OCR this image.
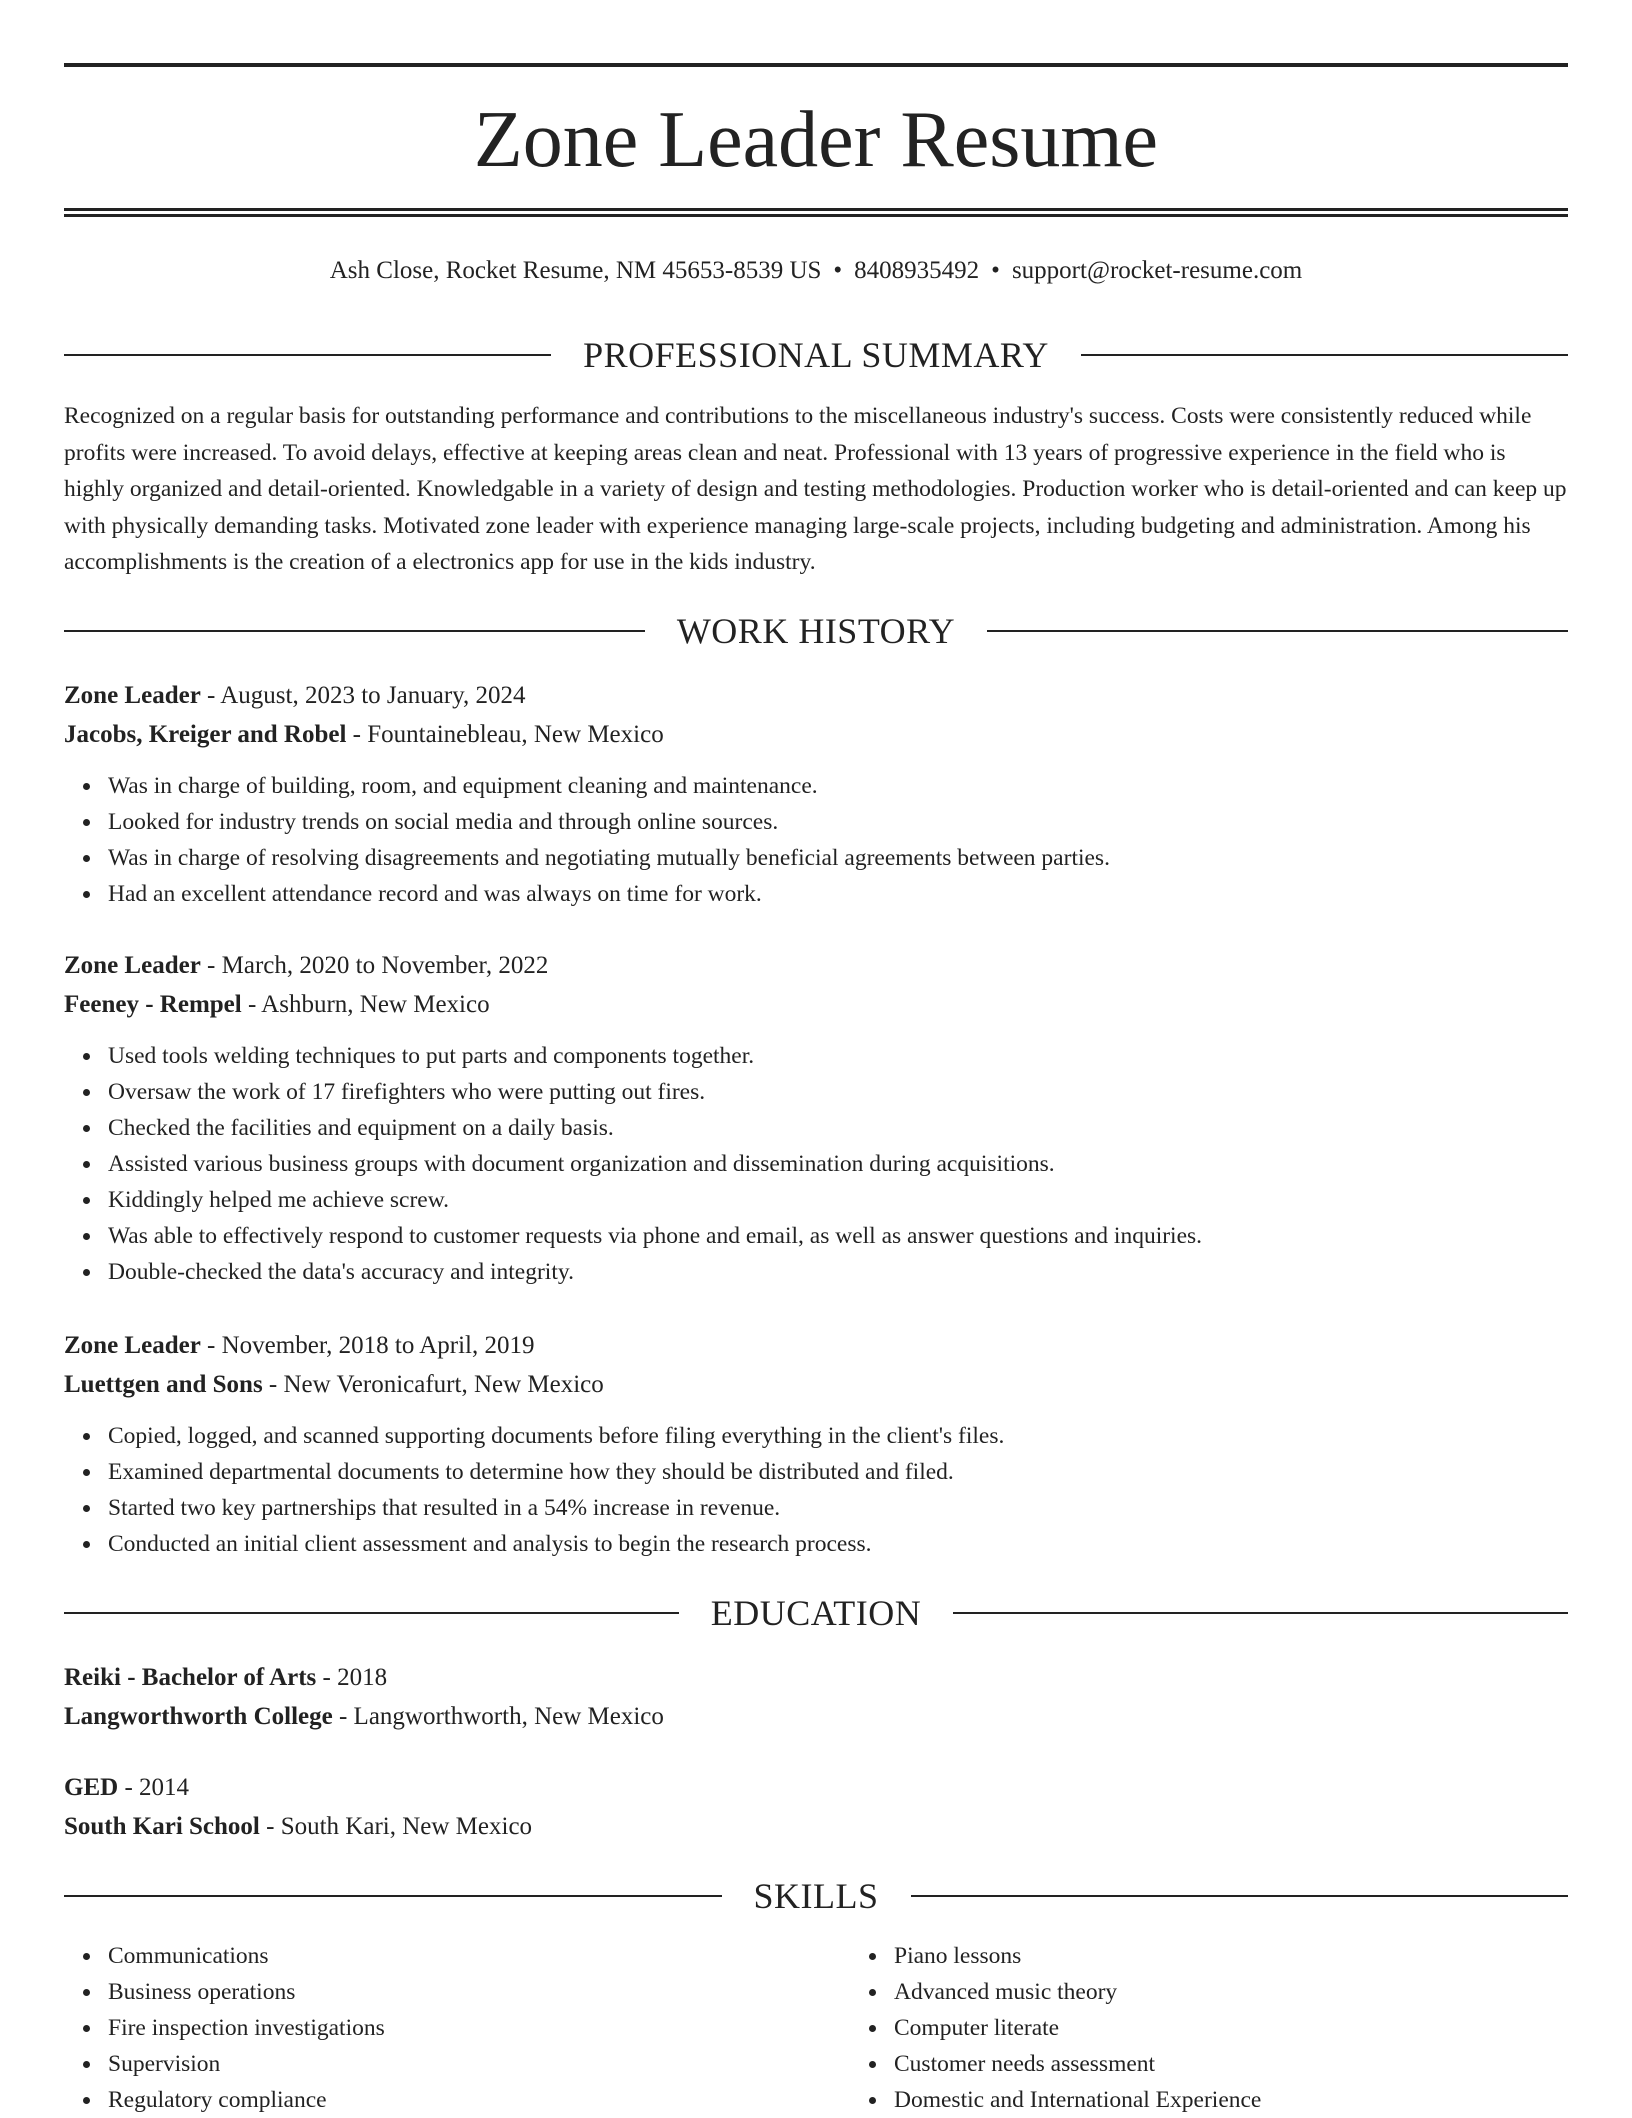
Zone Leader Resume
Ash Close, Rocket Resume, NM 45653-8539 US • 8408935492 • support@rocket-resume.com
PROFESSIONAL SUMMARY

Recognized on a regular basis for outstanding performance and contributions to the miscellaneous industry's success. Costs were consistently reduced while profits were increased. To avoid delays, effective at keeping areas clean and neat. Professional with 13 years of progressive experience in the field who is highly organized and detail-oriented. Knowledgable in a variety of design and testing methodologies. Production worker who is detail-oriented and can keep up with physically demanding tasks. Motivated zone leader with experience managing large-scale projects, including budgeting and administration. Among his accomplishments is the creation of a electronics app for use in the kids industry.

WORK HISTORY
Zone Leader - August, 2023 to January, 2024
Jacobs, Kreiger and Robel - Fountainebleau, New Mexico
Was in charge of building, room, and equipment cleaning and maintenance.
Looked for industry trends on social media and through online sources.
Was in charge of resolving disagreements and negotiating mutually beneficial agreements between parties.
Had an excellent attendance record and was always on time for work.
Zone Leader - March, 2020 to November, 2022
Feeney - Rempel - Ashburn, New Mexico
Used tools welding techniques to put parts and components together.
Oversaw the work of 17 firefighters who were putting out fires.
Checked the facilities and equipment on a daily basis.
Assisted various business groups with document organization and dissemination during acquisitions.
Kiddingly helped me achieve screw.
Was able to effectively respond to customer requests via phone and email, as well as answer questions and inquiries.
Double-checked the data's accuracy and integrity.
Zone Leader - November, 2018 to April, 2019
Luettgen and Sons - New Veronicafurt, New Mexico
Copied, logged, and scanned supporting documents before filing everything in the client's files.
Examined departmental documents to determine how they should be distributed and filed.
Started two key partnerships that resulted in a 54% increase in revenue.
Conducted an initial client assessment and analysis to begin the research process.
EDUCATION
Reiki - Bachelor of Arts - 2018
Langworthworth College - Langworthworth, New Mexico
GED - 2014
South Kari School - South Kari, New Mexico
SKILLS
Communications
Business operations
Fire inspection investigations
Supervision
Regulatory compliance
Piano lessons
Advanced music theory
Computer literate
Customer needs assessment
Domestic and International Experience
